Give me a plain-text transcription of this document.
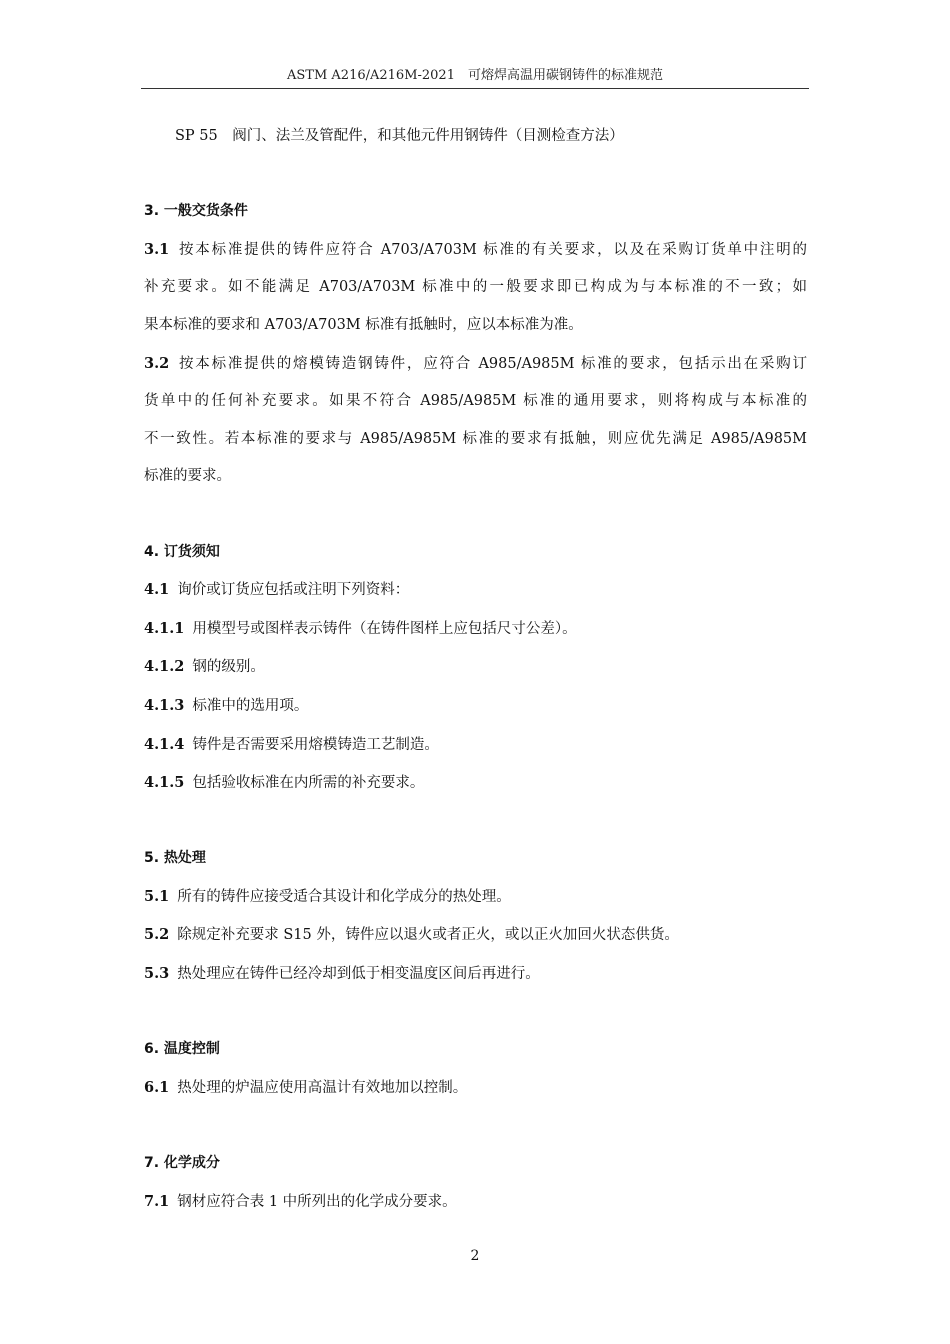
ASTM A216/A216M-2021　可熔焊高温用碳钢铸件的标准规范
SP 55　阀门、法兰及管配件，和其他元件用钢铸件（目测检查方法）
3. 一般交货条件
3.1 按本标准提供的铸件应符合 A703/A703M 标准的有关要求，以及在采购订货单中注明的
补充要求。如不能满足 A703/A703M 标准中的一般要求即已构成为与本标准的不一致；如
果本标准的要求和 A703/A703M 标准有抵触时，应以本标准为准。
3.2 按本标准提供的熔模铸造钢铸件，应符合 A985/A985M 标准的要求，包括示出在采购订
货单中的任何补充要求。如果不符合 A985/A985M 标准的通用要求，则将构成与本标准的
不一致性。若本标准的要求与 A985/A985M 标准的要求有抵触，则应优先满足 A985/A985M
标准的要求。
4. 订货须知
4.1 询价或订货应包括或注明下列资料：
4.1.1 用模型号或图样表示铸件（在铸件图样上应包括尺寸公差）。
4.1.2 钢的级别。
4.1.3 标准中的选用项。
4.1.4 铸件是否需要采用熔模铸造工艺制造。
4.1.5 包括验收标准在内所需的补充要求。
5. 热处理
5.1 所有的铸件应接受适合其设计和化学成分的热处理。
5.2 除规定补充要求 S15 外，铸件应以退火或者正火，或以正火加回火状态供货。
5.3 热处理应在铸件已经冷却到低于相变温度区间后再进行。
6. 温度控制
6.1 热处理的炉温应使用高温计有效地加以控制。
7. 化学成分
7.1 钢材应符合表 1 中所列出的化学成分要求。
2
